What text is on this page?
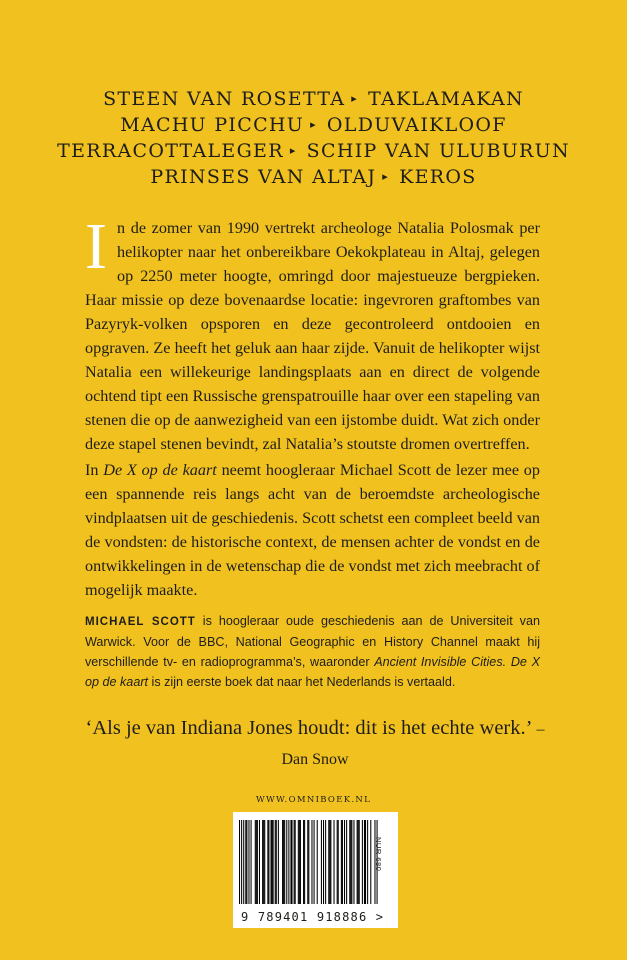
STEEN VAN ROSETTA ▸ TAKLAMAKAN
MACHU PICCHU ▸ OLDUVAIKLOOF
TERRACOTTALEGER ▸ SCHIP VAN ULUBURUN
PRINSES VAN ALTAJ ▸ KEROS
In de zomer van 1990 vertrekt archeologe Natalia Polosmak per helikopter naar het onbereikbare Oekokplateau in Altaj, gelegen op 2250 meter hoogte, omringd door majestueuze bergpieken. Haar missie op deze bovenaardse locatie: ingevroren graftombes van Pazyryk-volken opsporen en deze gecontroleerd ontdooien en opgraven. Ze heeft het geluk aan haar zijde. Vanuit de helikopter wijst Natalia een willekeurige landingsplaats aan en direct de volgende ochtend tipt een Russische grenspatrouille haar over een stapeling van stenen die op de aanwezigheid van een ijstombe duidt. Wat zich onder deze stapel stenen bevindt, zal Natalia’s stoutste dromen overtreffen.
In De X op de kaart neemt hoogleraar Michael Scott de lezer mee op een spannende reis langs acht van de beroemdste archeologische vindplaatsen uit de geschiedenis. Scott schetst een compleet beeld van de vondsten: de historische context, de mensen achter de vondst en de ontwikkelingen in de wetenschap die de vondst met zich meebracht of mogelijk maakte.
MICHAEL SCOTT is hoogleraar oude geschiedenis aan de Universiteit van Warwick. Voor de BBC, National Geographic en History Channel maakt hij verschillende tv- en radioprogramma’s, waaronder Ancient Invisible Cities. De X op de kaart is zijn eerste boek dat naar het Nederlands is vertaald.
‘Als je van Indiana Jones houdt: dit is het echte werk.’ – Dan Snow
WWW.OMNIBOEK.NL
NUR 680
9 789401 918886 >
